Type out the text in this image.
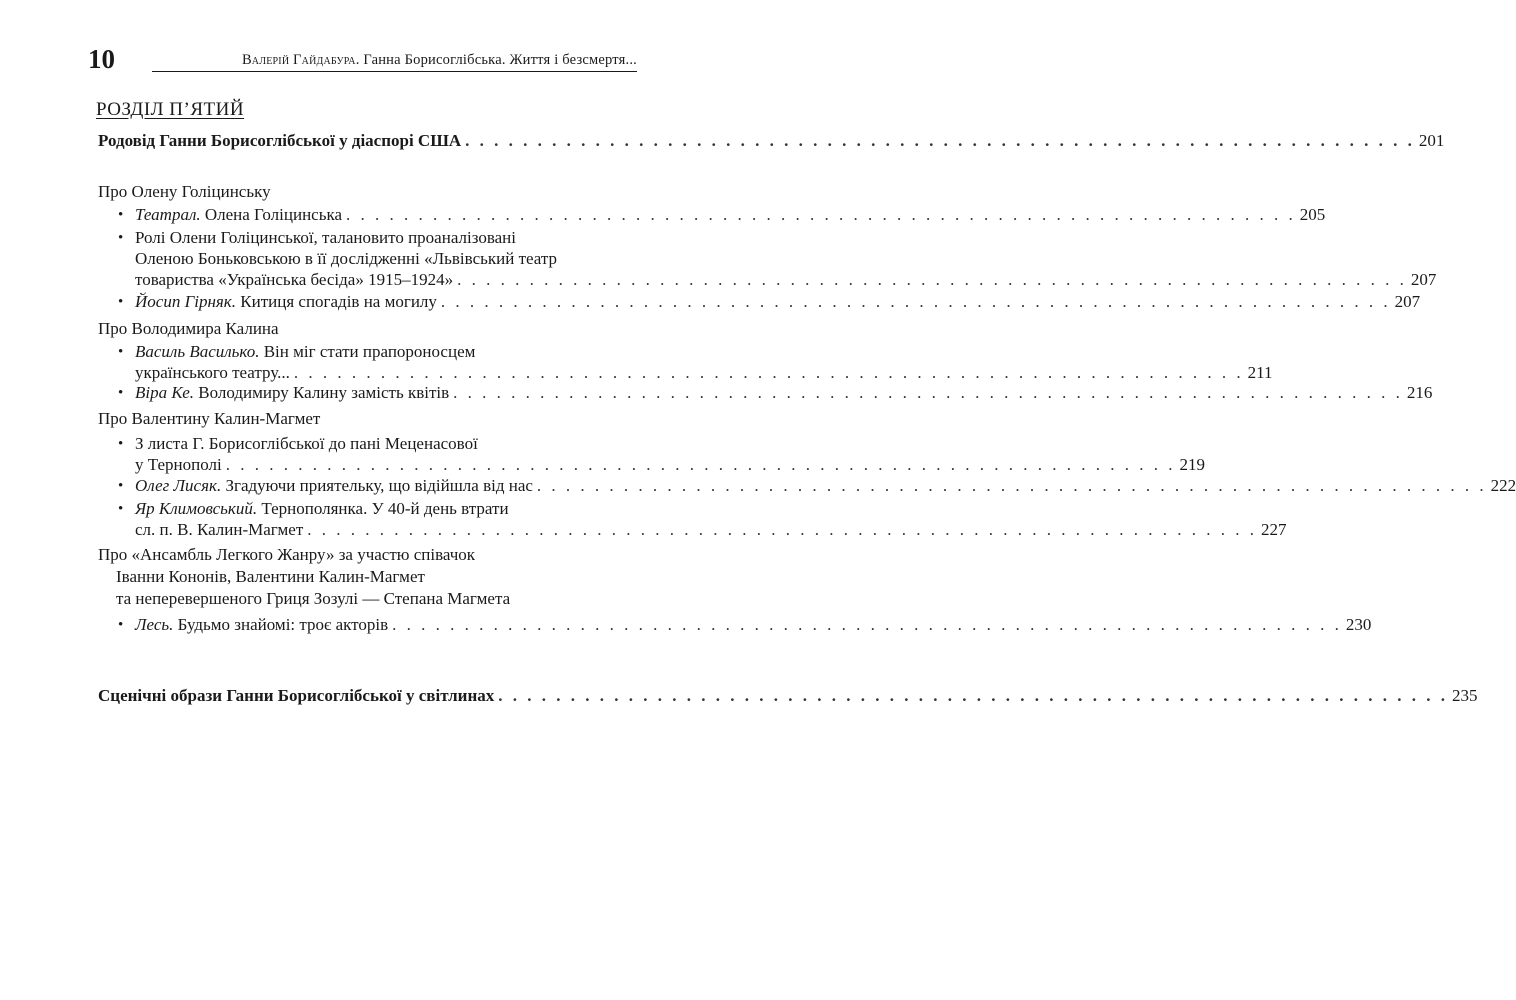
10	Валерій Гайдабура. Ганна Борисоглібська. Життя і безсмертя...
РОЗДІЛ П’ЯТИЙ
Родовід Ганни Борисоглібської у діаспорі США . . . . . . . . . . . . . . . . . . . . . . . . . . . . . . . . . . . . . . . . . . . . . . . . . . . . . . . . . . . . . . . . . . 201
Про Олену Голіцинську
• Театрал. Олена Голіцинська . . . . . . . . . . . . . . . . . . . . . . . . . . . . . . . . . . . . . . . . . . . . . . . . . . . . . . . . . . . . . . . . . . 205
• Ролі Олени Голіцинської, талановито проаналізовані
Оленою Боньковською в її дослідженні «Львівський театр
товариства «Українська бесіда» 1915–1924» . . . . . . . . . . . . . . . . . . . . . . . . . . . . . . . . . . . . . . . . . . . . . . . . . . . . . . . . . . . . . . . . . . 207
• Йосип Гірняк. Китиця спогадів на могилу . . . . . . . . . . . . . . . . . . . . . . . . . . . . . . . . . . . . . . . . . . . . . . . . . . . . . . . . . . . . . . . . . . 207
Про Володимира Калина
• Василь Василько. Він міг стати прапороносцем
українського театру... . . . . . . . . . . . . . . . . . . . . . . . . . . . . . . . . . . . . . . . . . . . . . . . . . . . . . . . . . . . . . . . . . . 211
• Віра Ке. Володимиру Калину замість квітів . . . . . . . . . . . . . . . . . . . . . . . . . . . . . . . . . . . . . . . . . . . . . . . . . . . . . . . . . . . . . . . . . . 216
Про Валентину Калин-Магмет
• З листа Г. Борисоглібської до пані Меценасової
у Тернополі . . . . . . . . . . . . . . . . . . . . . . . . . . . . . . . . . . . . . . . . . . . . . . . . . . . . . . . . . . . . . . . . . . 219
• Олег Лисяк. Згадуючи приятельку, що відійшла від нас . . . . . . . . . . . . . . . . . . . . . . . . . . . . . . . . . . . . . . . . . . . . . . . . . . . . . . . . . . . . . . . . . . 222
• Яр Климовський. Тернополянка. У 40-й день втрати
сл. п. В. Калин-Магмет . . . . . . . . . . . . . . . . . . . . . . . . . . . . . . . . . . . . . . . . . . . . . . . . . . . . . . . . . . . . . . . . . . 227
Про «Ансамбль Легкого Жанру» за участю співачок
Іванни Кононів, Валентини Калин-Магмет
та неперевершеного Гриця Зозулі — Степана Магмета
• Лесь. Будьмо знайомі: троє акторів . . . . . . . . . . . . . . . . . . . . . . . . . . . . . . . . . . . . . . . . . . . . . . . . . . . . . . . . . . . . . . . . . . 230
Сценічні образи Ганни Борисоглібської у світлинах . . . . . . . . . . . . . . . . . . . . . . . . . . . . . . . . . . . . . . . . . . . . . . . . . . . . . . . . . . . . . . . . . . 235
